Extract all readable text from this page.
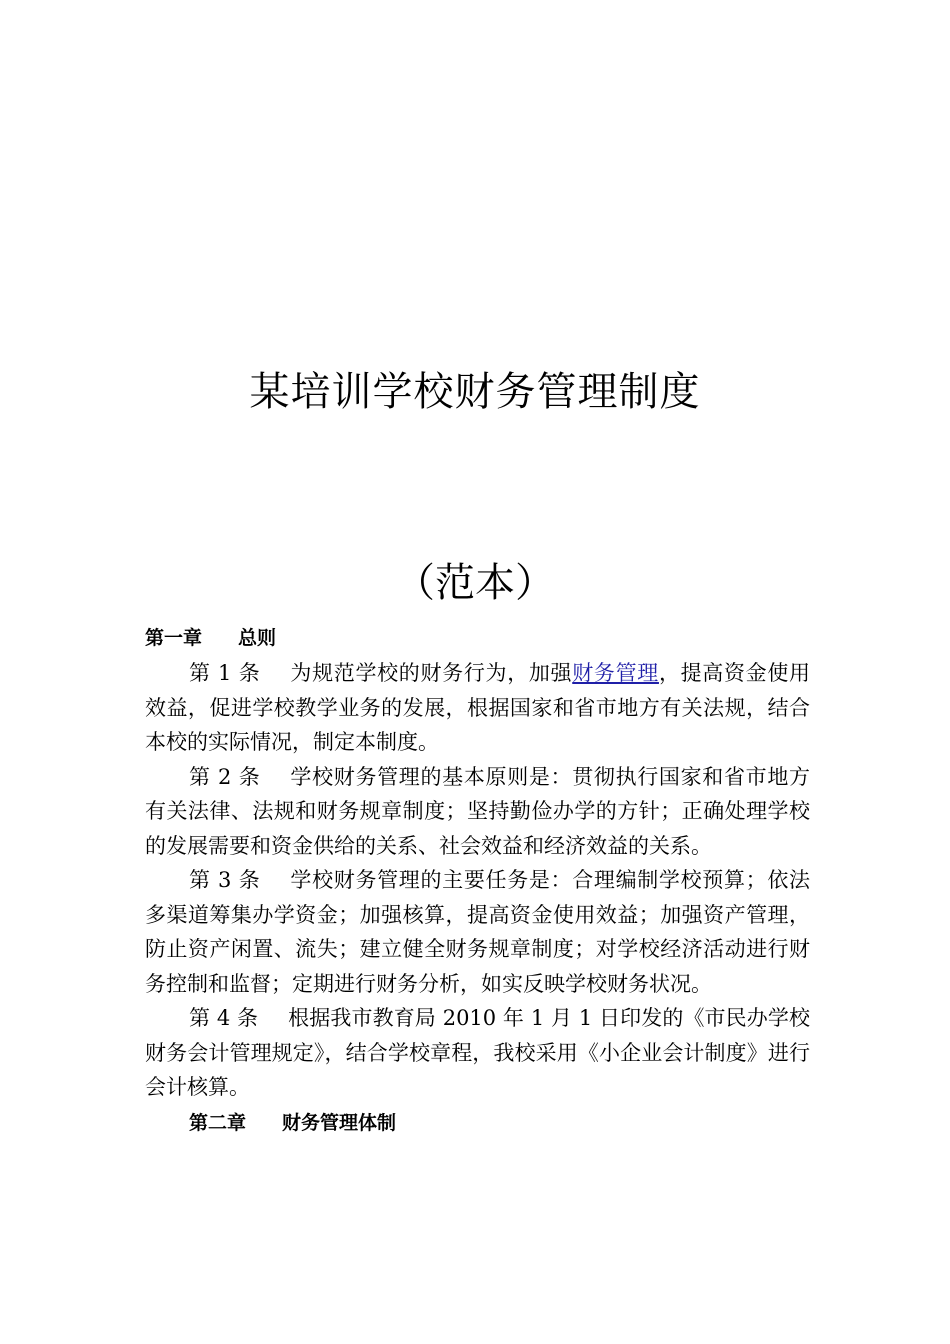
某培训学校财务管理制度
（范本）
第一章 总则

第 1 条 为规范学校的财务行为，加强财务管理，提高资金使用效益，促进学校教学业务的发展，根据国家和省市地方有关法规，结合本校的实际情况，制定本制度。

第 2 条 学校财务管理的基本原则是：贯彻执行国家和省市地方有关法律、法规和财务规章制度；坚持勤俭办学的方针；正确处理学校的发展需要和资金供给的关系、社会效益和经济效益的关系。

第 3 条 学校财务管理的主要任务是：合理编制学校预算；依法多渠道筹集办学资金；加强核算，提高资金使用效益；加强资产管理，防止资产闲置、流失；建立健全财务规章制度；对学校经济活动进行财务控制和监督；定期进行财务分析，如实反映学校财务状况。

第 4 条 根据我市教育局 2010 年 1 月 1 日印发的《市民办学校财务会计管理规定》，结合学校章程，我校采用《小企业会计制度》进行会计核算。

第二章 财务管理体制
